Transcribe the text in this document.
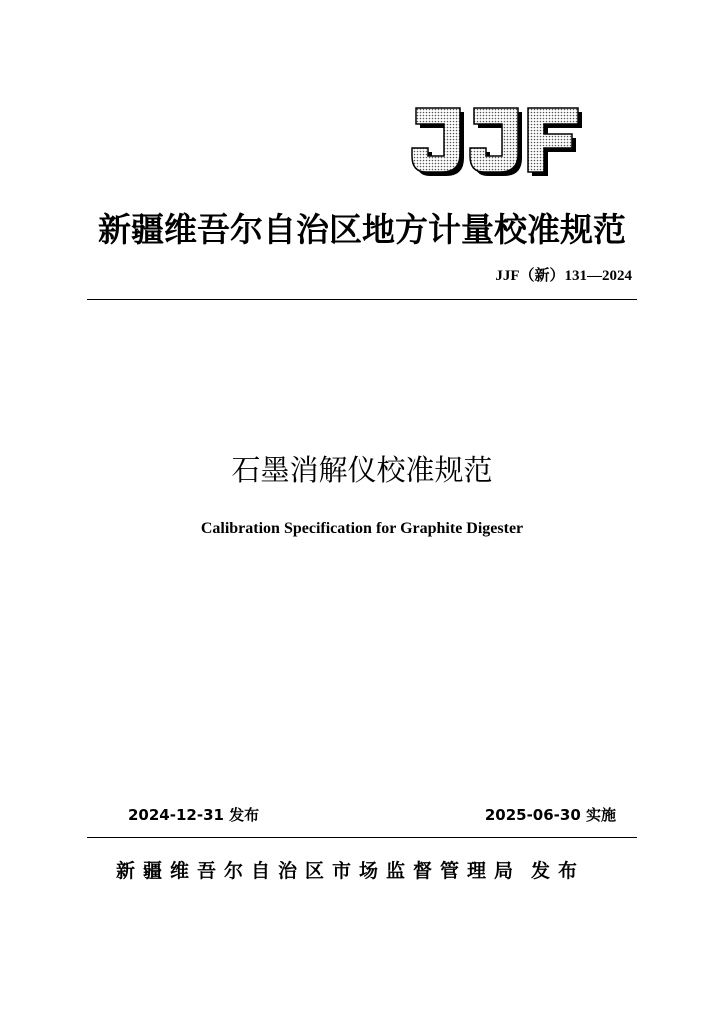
JJF
新疆维吾尔自治区地方计量校准规范
JJF（新）131—2024
石墨消解仪校准规范
Calibration Specification for Graphite Digester
2024-12-31 发布	2025-06-30 实施
新疆维吾尔自治区市场监督管理局 发布
